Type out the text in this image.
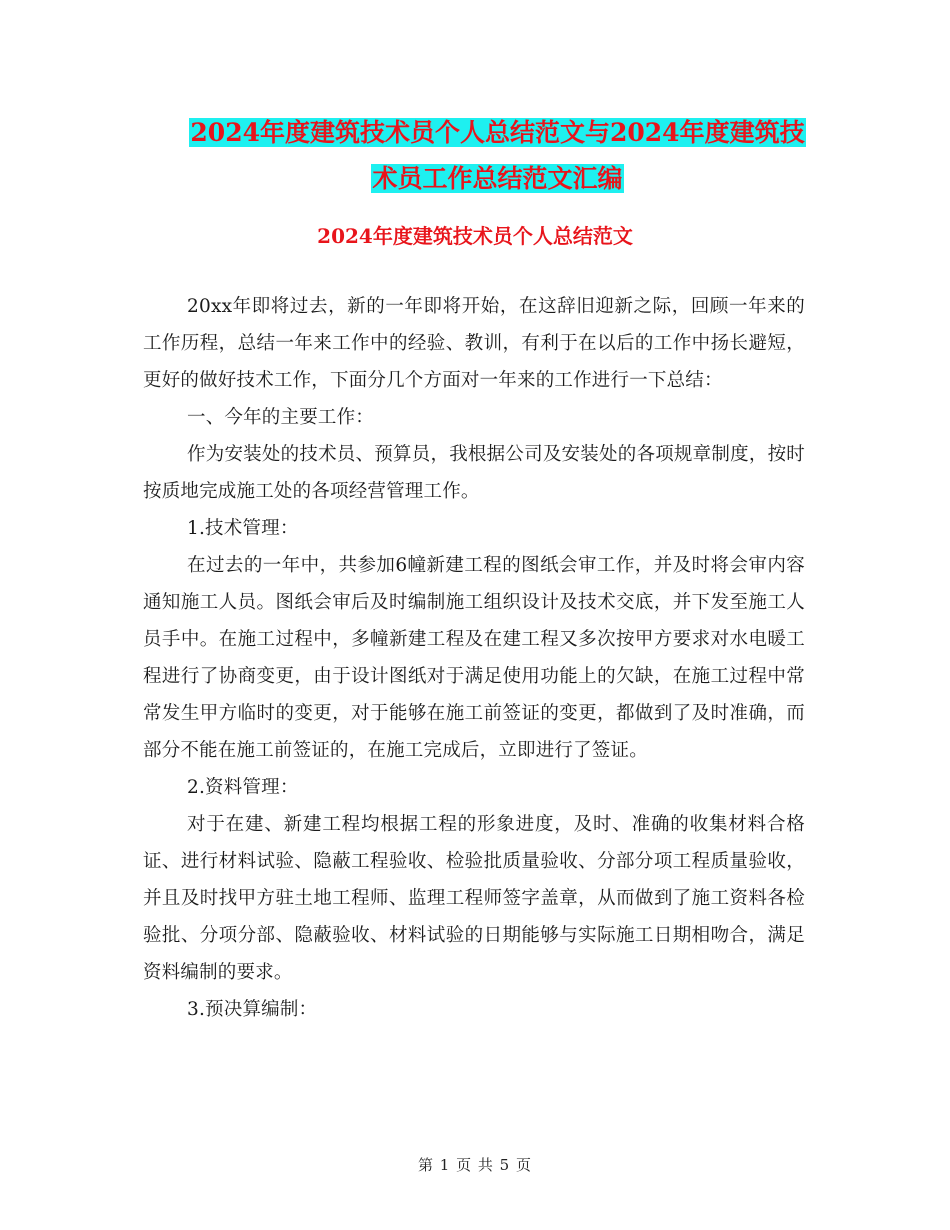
2024年度建筑技术员个人总结范文与2024年度建筑技
术员工作总结范文汇编
2024年度建筑技术员个人总结范文

20xx年即将过去，新的一年即将开始，在这辞旧迎新之际，回顾一年来的工作历程，总结一年来工作中的经验、教训，有利于在以后的工作中扬长避短，更好的做好技术工作，下面分几个方面对一年来的工作进行一下总结：

一、今年的主要工作：

作为安装处的技术员、预算员，我根据公司及安装处的各项规章制度，按时按质地完成施工处的各项经营管理工作。

1.技术管理：

在过去的一年中，共参加6幢新建工程的图纸会审工作，并及时将会审内容通知施工人员。图纸会审后及时编制施工组织设计及技术交底，并下发至施工人员手中。在施工过程中，多幢新建工程及在建工程又多次按甲方要求对水电暖工程进行了协商变更，由于设计图纸对于满足使用功能上的欠缺，在施工过程中常常发生甲方临时的变更，对于能够在施工前签证的变更，都做到了及时准确，而部分不能在施工前签证的，在施工完成后，立即进行了签证。

2.资料管理：

对于在建、新建工程均根据工程的形象进度，及时、准确的收集材料合格证、进行材料试验、隐蔽工程验收、检验批质量验收、分部分项工程质量验收，并且及时找甲方驻土地工程师、监理工程师签字盖章，从而做到了施工资料各检验批、分项分部、隐蔽验收、材料试验的日期能够与实际施工日期相吻合，满足资料编制的要求。

3.预决算编制：

第 1 页 共 5 页
